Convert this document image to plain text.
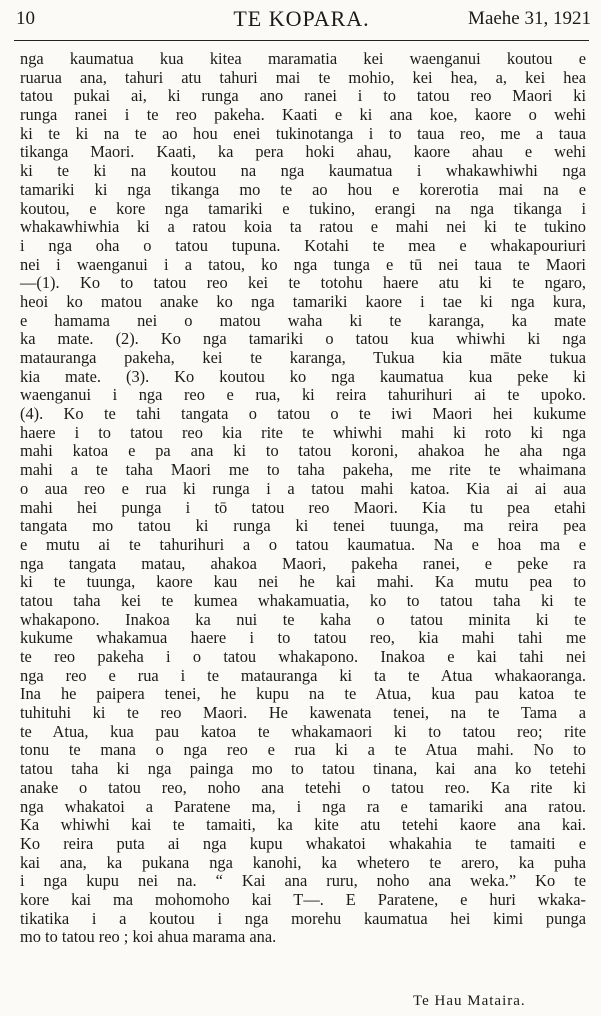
10	TE KOPARA.	Maehe 31, 1921
nga kaumatua kua kitea maramatia kei waenganui koutou e
ruarua ana, tahuri atu tahuri mai te mohio, kei hea, a, kei hea
tatou pukai ai, ki runga ano ranei i to tatou reo Maori ki
runga ranei i te reo pakeha. Kaati e ki ana koe, kaore o wehi
ki te ki na te ao hou enei tukinotanga i to taua reo, me a taua
tikanga Maori. Kaati, ka pera hoki ahau, kaore ahau e wehi
ki te ki na koutou na nga kaumatua i whakawhiwhi nga
tamariki ki nga tikanga mo te ao hou e korerotia mai na e
koutou, e kore nga tamariki e tukino, erangi na nga tikanga i
whakawhiwhia ki a ratou koia ta ratou e mahi nei ki te tukino
i nga oha o tatou tupuna. Kotahi te mea e whakapouriuri
nei i waenganui i a tatou, ko nga tunga e tū nei taua te Maori
—(1). Ko to tatou reo kei te totohu haere atu ki te ngaro,
heoi ko matou anake ko nga tamariki kaore i tae ki nga kura,
e hamama nei o matou waha ki te karanga, ka mate
ka mate. (2). Ko nga tamariki o tatou kua whiwhi ki nga
matauranga pakeha, kei te karanga, Tukua kia māte tukua
kia mate. (3). Ko koutou ko nga kaumatua kua peke ki
waenganui i nga reo e rua, ki reira tahurihuri ai te upoko.
(4). Ko te tahi tangata o tatou o te iwi Maori hei kukume
haere i to tatou reo kia rite te whiwhi mahi ki roto ki nga
mahi katoa e pa ana ki to tatou koroni, ahakoa he aha nga
mahi a te taha Maori me to taha pakeha, me rite te whaimana
o aua reo e rua ki runga i a tatou mahi katoa. Kia ai ai aua
mahi hei punga i tō tatou reo Maori. Kia tu pea etahi
tangata mo tatou ki runga ki tenei tuunga, ma reira pea
e mutu ai te tahurihuri a o tatou kaumatua. Na e hoa ma e
nga tangata matau, ahakoa Maori, pakeha ranei, e peke ra
ki te tuunga, kaore kau nei he kai mahi. Ka mutu pea to
tatou taha kei te kumea whakamuatia, ko to tatou taha ki te
whakapono. Inakoa ka nui te kaha o tatou minita ki te
kukume whakamua haere i to tatou reo, kia mahi tahi me
te reo pakeha i o tatou whakapono. Inakoa e kai tahi nei
nga reo e rua i te matauranga ki ta te Atua whakaoranga.
Ina he paipera tenei, he kupu na te Atua, kua pau katoa te
tuhituhi ki te reo Maori. He kawenata tenei, na te Tama a
te Atua, kua pau katoa te whakamaori ki to tatou reo; rite
tonu te mana o nga reo e rua ki a te Atua mahi. No to
tatou taha ki nga painga mo to tatou tinana, kai ana ko tetehi
anake o tatou reo, noho ana tetehi o tatou reo. Ka rite ki
nga whakatoi a Paratene ma, i nga ra e tamariki ana ratou.
Ka whiwhi kai te tamaiti, ka kite atu tetehi kaore ana kai.
Ko reira puta ai nga kupu whakatoi whakahia te tamaiti e
kai ana, ka pukana nga kanohi, ka whetero te arero, ka puha
i nga kupu nei na. “ Kai ana ruru, noho ana weka.” Ko te
kore kai ma mohomoho kai T—. E Paratene, e huri wkaka-
tikatika i a koutou i nga morehu kaumatua hei kimi punga
mo to tatou reo ; koi ahua marama ana.
Te Hau Mataira.
